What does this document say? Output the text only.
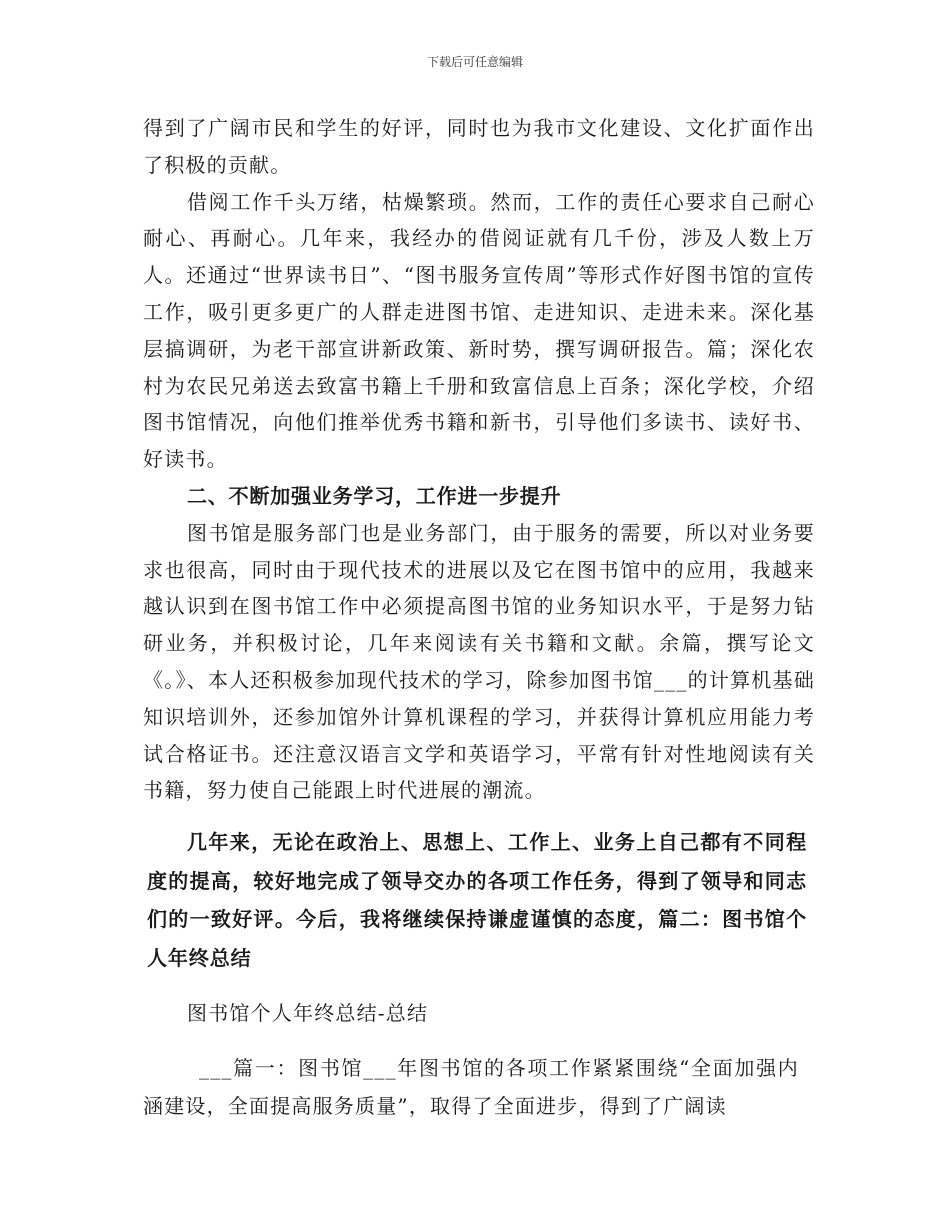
下载后可任意编辑

得到了广阔市民和学生的好评，同时也为我市文化建设、文化扩面作出了积极的贡献。

借阅工作千头万绪，枯燥繁琐。然而，工作的责任心要求自己耐心耐心、再耐心。几年来，我经办的借阅证就有几千份，涉及人数上万人。还通过“世界读书日”、“图书服务宣传周”等形式作好图书馆的宣传工作，吸引更多更广的人群走进图书馆、走进知识、走进未来。深化基层搞调研，为老干部宣讲新政策、新时势，撰写调研报告。篇；深化农村为农民兄弟送去致富书籍上千册和致富信息上百条；深化学校，介绍图书馆情况，向他们推举优秀书籍和新书，引导他们多读书、读好书、好读书。

二、不断加强业务学习，工作进一步提升

图书馆是服务部门也是业务部门，由于服务的需要，所以对业务要求也很高，同时由于现代技术的进展以及它在图书馆中的应用，我越来越认识到在图书馆工作中必须提高图书馆的业务知识水平，于是努力钻研业务，并积极讨论，几年来阅读有关书籍和文献。余篇，撰写论文《。》、本人还积极参加现代技术的学习，除参加图书馆___的计算机基础知识培训外，还参加馆外计算机课程的学习，并获得计算机应用能力考试合格证书。还注意汉语言文学和英语学习，平常有针对性地阅读有关书籍，努力使自己能跟上时代进展的潮流。

几年来，无论在政治上、思想上、工作上、业务上自己都有不同程度的提高，较好地完成了领导交办的各项工作任务，得到了领导和同志们的一致好评。今后，我将继续保持谦虚谨慎的态度，篇二：图书馆个人年终总结

图书馆个人年终总结-总结

___篇一：图书馆___年图书馆的各项工作紧紧围绕“全面加强内涵建设，全面提高服务质量”，取得了全面进步，得到了广阔读
